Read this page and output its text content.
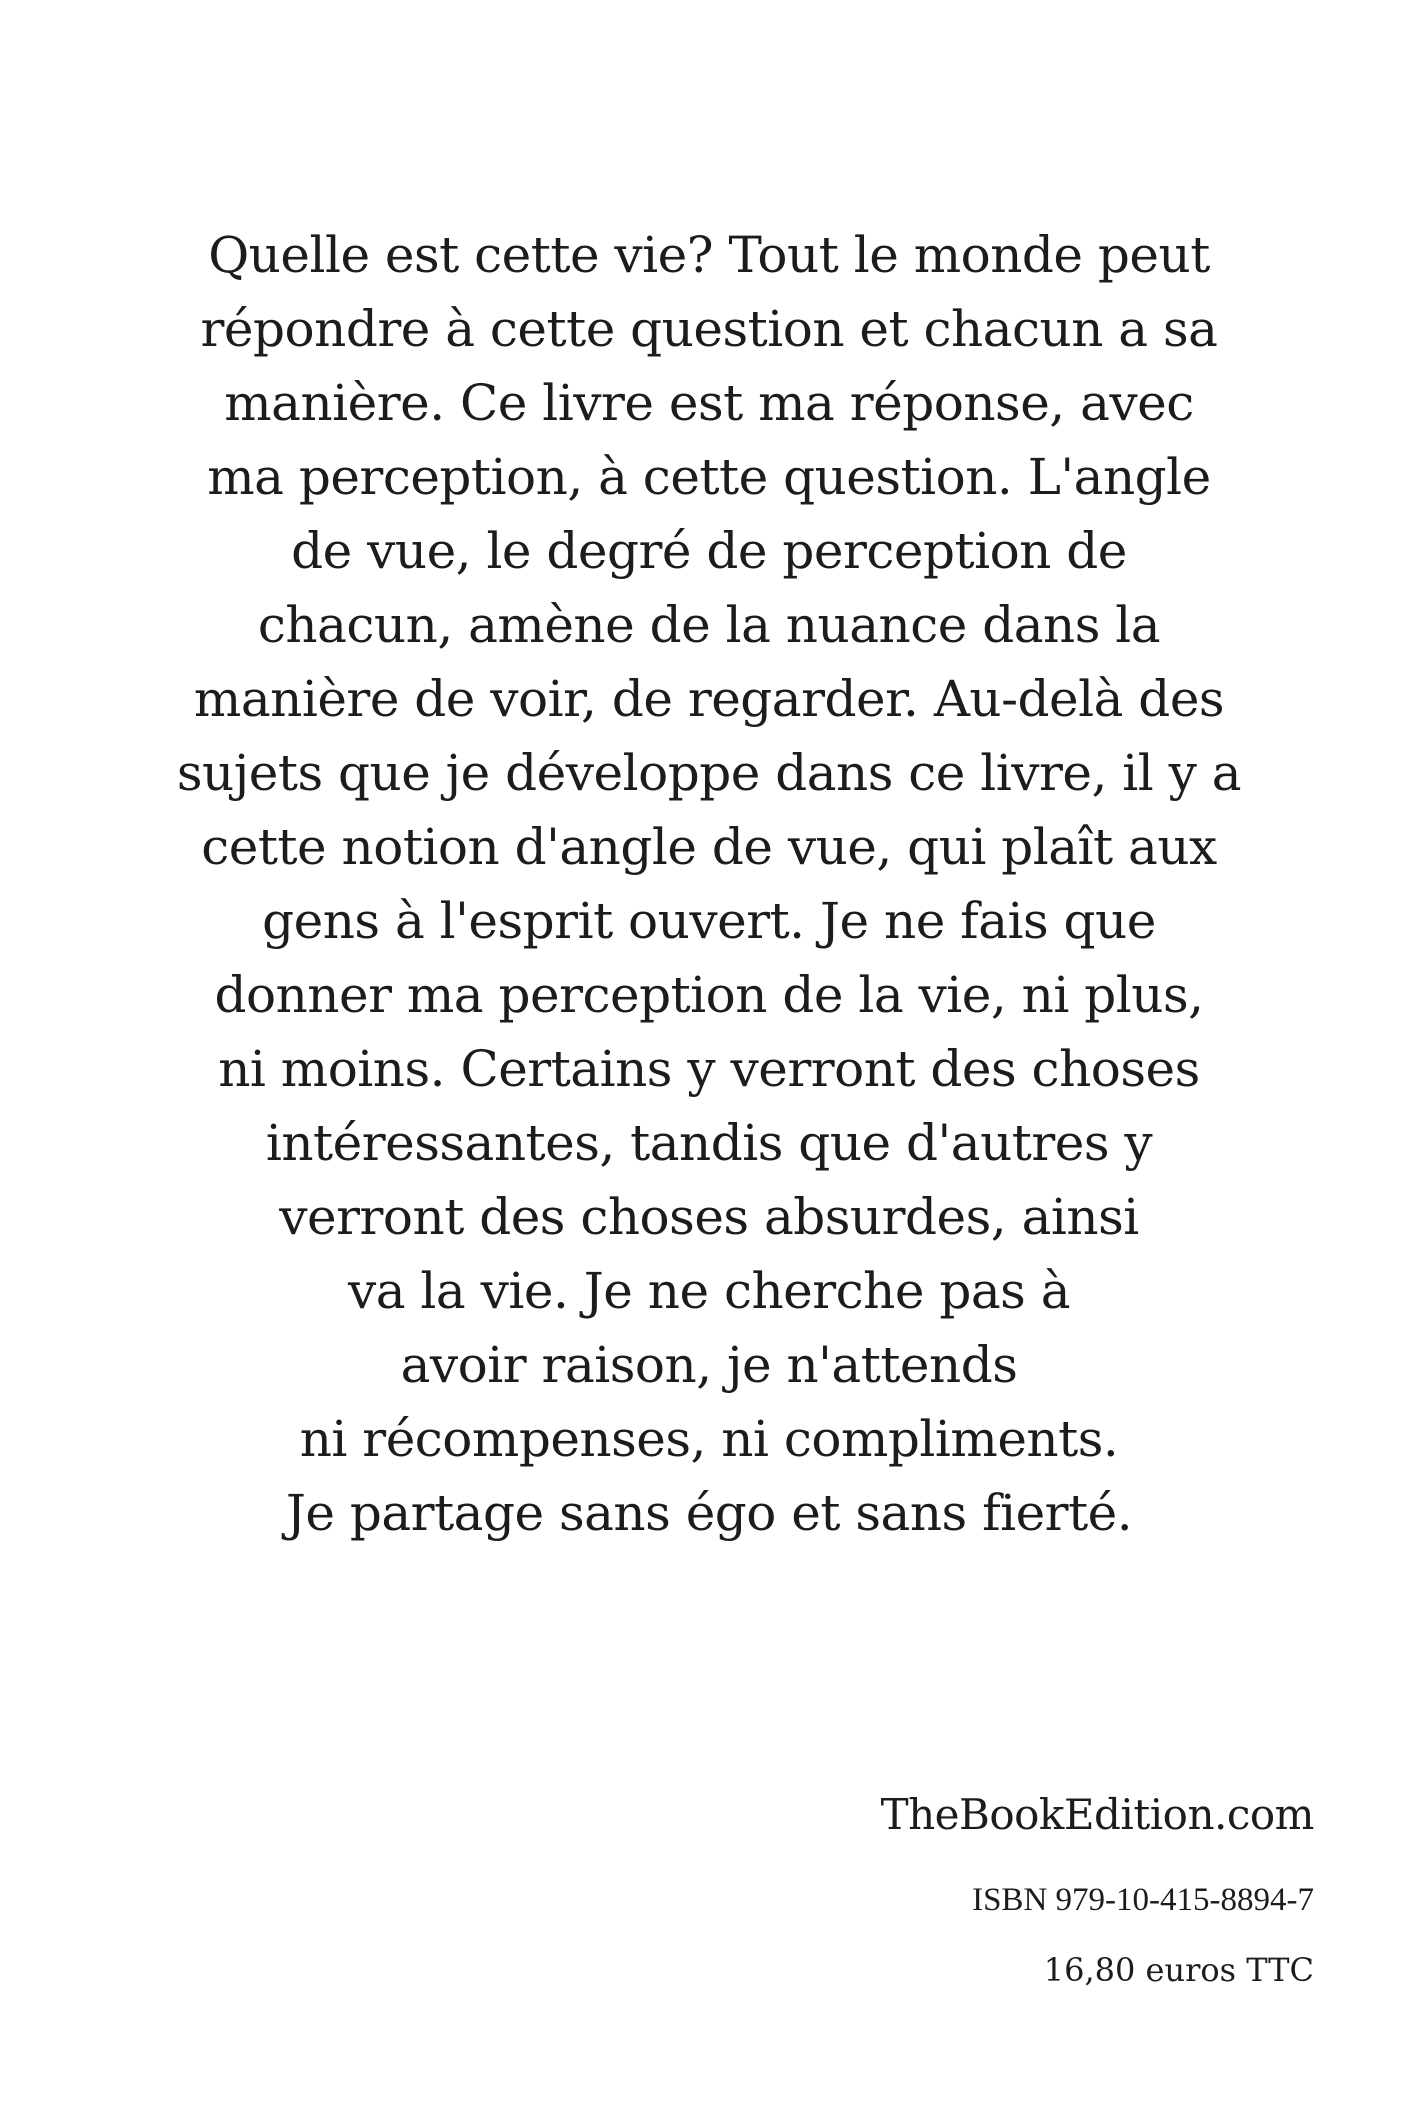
Quelle est cette vie? Tout le monde peut
répondre à cette question et chacun a sa
manière. Ce livre est ma réponse, avec
ma perception, à cette question. L'angle
de vue, le degré de perception de
chacun, amène de la nuance dans la
manière de voir, de regarder. Au-delà des
sujets que je développe dans ce livre, il y a
cette notion d'angle de vue, qui plaît aux
gens à l'esprit ouvert. Je ne fais que
donner ma perception de la vie, ni plus,
ni moins. Certains y verront des choses
intéressantes, tandis que d'autres y
verront des choses absurdes, ainsi
va la vie. Je ne cherche pas à
avoir raison, je n'attends
ni récompenses, ni compliments.
Je partage sans égo et sans fierté.
TheBookEdition.com
ISBN 979-10-415-8894-7
16,80 euros TTC
